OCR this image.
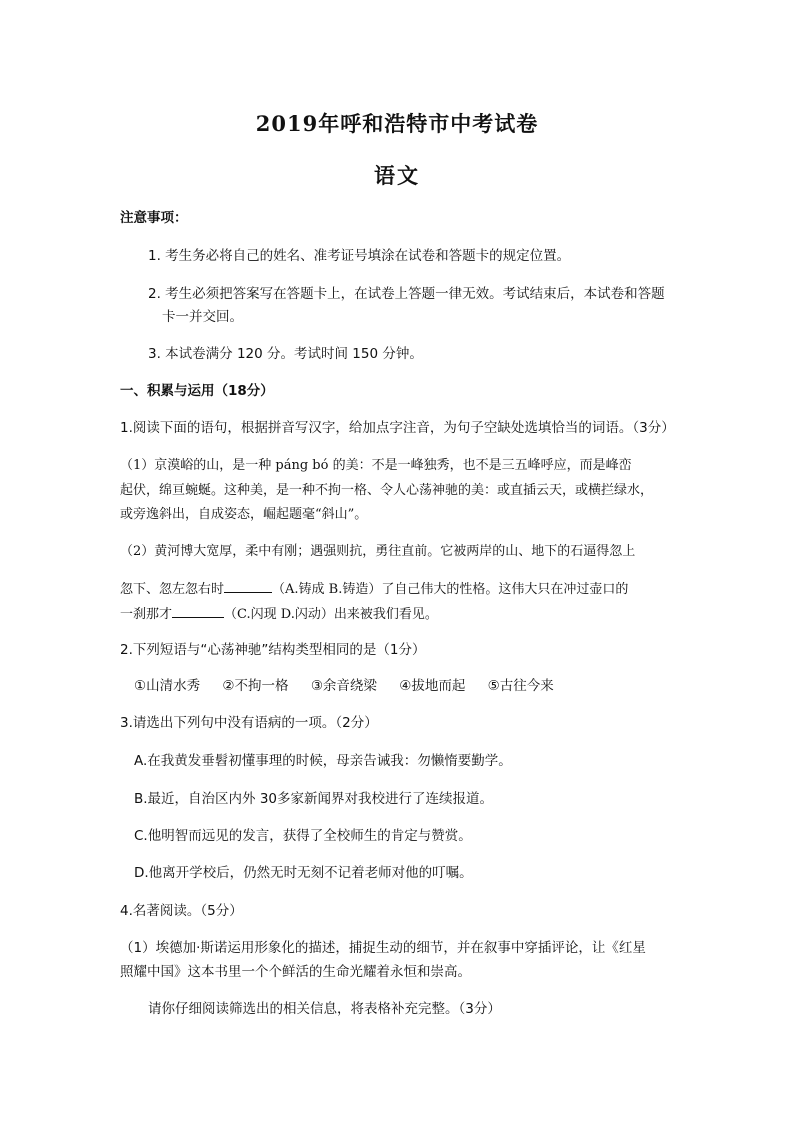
2019年呼和浩特市中考试卷
语文
注意事项：
1. 考生务必将自己的姓名、准考证号填涂在试卷和答题卡的规定位置。
2. 考生必须把答案写在答题卡上，在试卷上答题一律无效。考试结束后，本试卷和答题
卡一并交回。
3. 本试卷满分 120 分。考试时间 150 分钟。
一、积累与运用（18分）
1.阅读下面的语句，根据拼音写汉字，给加点字注音，为句子空缺处选填恰当的词语。（3分）
（1）京漠峪的山，是一种 páng bó 的美：不是一峰独秀，也不是三五峰呼应，而是峰峦
起伏，绵亘蜿蜒。这种美，是一种不拘一格、令人心荡神驰的美：或直插云天，或横拦绿水，
或旁逸斜出，自成姿态，崛起题毫“斜山”。
（2）黄河博大宽厚，柔中有刚；遇强则抗，勇往直前。它被两岸的山、地下的石逼得忽上
忽下、忽左忽右时	（A.铸成 B.铸造）了自己伟大的性格。这伟大只在冲过壶口的
一刹那才	（C.闪现 D.闪动）出来被我们看见。
2.下列短语与“心荡神驰”结构类型相同的是（1分）
①山清水秀 ②不拘一格 ③余音绕梁 ④拔地而起 ⑤古往今来
3.请选出下列句中没有语病的一项。（2分）
A.在我黄发垂髫初懂事理的时候，母亲告诫我：勿懒惰要勤学。
B.最近，自治区内外 30多家新闻界对我校进行了连续报道。
C.他明智而远见的发言，获得了全校师生的肯定与赞赏。
D.他离开学校后，仍然无时无刻不记着老师对他的叮嘱。
4.名著阅读。（5分）
（1）埃德加·斯诺运用形象化的描述，捕捉生动的细节，并在叙事中穿插评论，让《红星
照耀中国》这本书里一个个鲜活的生命光耀着永恒和崇高。
请你仔细阅读筛选出的相关信息，将表格补充完整。（3分）
